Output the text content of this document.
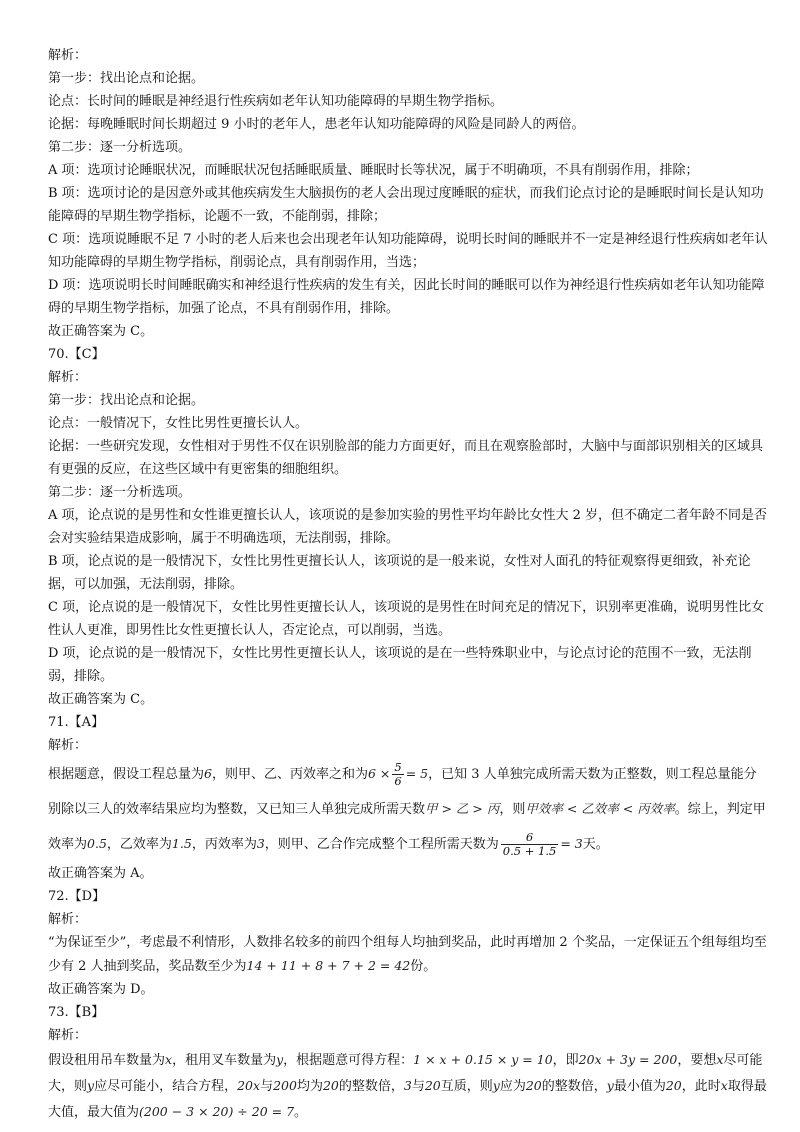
解析：
第一步：找出论点和论据。
论点：长时间的睡眠是神经退行性疾病如老年认知功能障碍的早期生物学指标。
论据：每晚睡眠时间长期超过 9 小时的老年人，患老年认知功能障碍的风险是同龄人的两倍。
第二步：逐一分析选项。
A 项：选项讨论睡眠状况，而睡眠状况包括睡眠质量、睡眠时长等状况，属于不明确项，不具有削弱作用，排除；
B 项：选项讨论的是因意外或其他疾病发生大脑损伤的老人会出现过度睡眠的症状，而我们论点讨论的是睡眠时间长是认知功能障碍的早期生物学指标，论题不一致，不能削弱，排除；
C 项：选项说睡眠不足 7 小时的老人后来也会出现老年认知功能障碍，说明长时间的睡眠并不一定是神经退行性疾病如老年认知功能障碍的早期生物学指标，削弱论点，具有削弱作用，当选；
D 项：选项说明长时间睡眠确实和神经退行性疾病的发生有关，因此长时间的睡眠可以作为神经退行性疾病如老年认知功能障碍的早期生物学指标，加强了论点，不具有削弱作用，排除。
故正确答案为 C。
70.【C】
解析：
第一步：找出论点和论据。
论点：一般情况下，女性比男性更擅长认人。
论据：一些研究发现，女性相对于男性不仅在识别脸部的能力方面更好，而且在观察脸部时，大脑中与面部识别相关的区域具有更强的反应，在这些区域中有更密集的细胞组织。
第二步：逐一分析选项。
A 项，论点说的是男性和女性谁更擅长认人，该项说的是参加实验的男性平均年龄比女性大 2 岁，但不确定二者年龄不同是否会对实验结果造成影响，属于不明确选项，无法削弱，排除。
B 项，论点说的是一般情况下，女性比男性更擅长认人，该项说的是一般来说，女性对人面孔的特征观察得更细致，补充论据，可以加强，无法削弱，排除。
C 项，论点说的是一般情况下，女性比男性更擅长认人，该项说的是男性在时间充足的情况下，识别率更准确，说明男性比女性认人更准，即男性比女性更擅长认人，否定论点，可以削弱，当选。
D 项，论点说的是一般情况下，女性比男性更擅长认人，该项说的是在一些特殊职业中，与论点讨论的范围不一致，无法削弱，排除。
故正确答案为 C。
71.【A】
解析：
根据题意，假设工程总量为6，则甲、乙、丙效率之和为$6 \times \frac{5}{6} = 5$，已知 3 人单独完成所需天数为正整数，则工程总量能分别除以三人的效率结果应均为整数，又已知三人单独完成所需天数甲 > 乙 > 丙，则甲效率 < 乙效率 < 丙效率。综上，判定甲效率为0.5，乙效率为1.5，丙效率为3，则甲、乙合作完成整个工程所需天数为 $\frac{6}{0.5 + 1.5} = 3$天。
故正确答案为 A。
72.【D】
解析：
“为保证至少”，考虑最不利情形，人数排名较多的前四个组每人均抽到奖品，此时再增加 2 个奖品，一定保证五个组每组均至少有 2 人抽到奖品，奖品数至少为14 + 11 + 8 + 7 + 2 = 42份。
故正确答案为 D。
73.【B】
解析：
假设租用吊车数量为x，租用叉车数量为y，根据题意可得方程：1 × x + 0.15 × y = 10，即20x + 3y = 200，要想x尽可能大，则y应尽可能小，结合方程，20x与200均为20的整数倍，3与20互质，则y应为20的整数倍，y最小值为20，此时x取得最大值，最大值为(200 − 3 × 20) ÷ 20 = 7。
